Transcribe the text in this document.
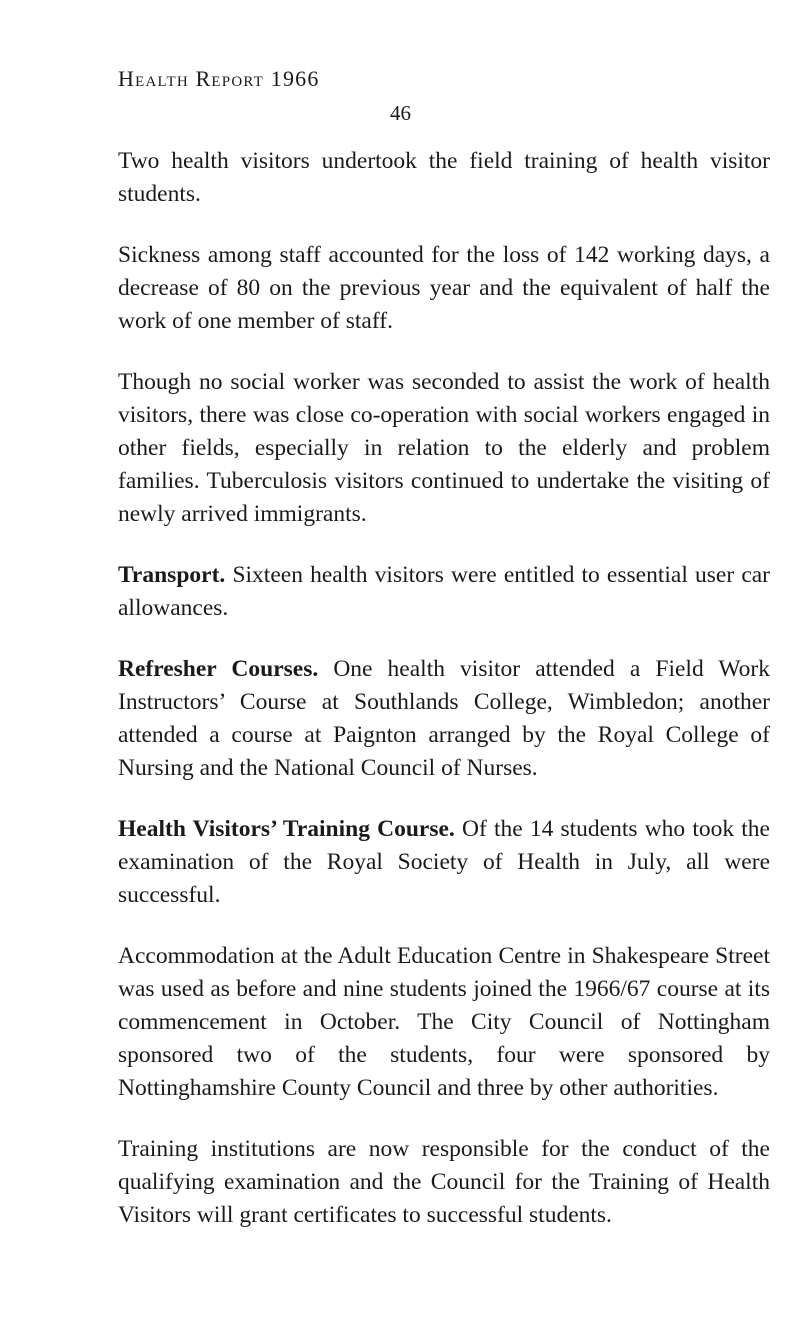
Health Report 1966
46

Two health visitors undertook the field training of health visitor students.

Sickness among staff accounted for the loss of 142 working days, a decrease of 80 on the previous year and the equivalent of half the work of one member of staff.

Though no social worker was seconded to assist the work of health visitors, there was close co-operation with social workers engaged in other fields, especially in relation to the elderly and problem families. Tuberculosis visitors continued to undertake the visiting of newly arrived immigrants.

Transport. Sixteen health visitors were entitled to essential user car allowances.

Refresher Courses. One health visitor attended a Field Work Instructors’ Course at Southlands College, Wimbledon; another attended a course at Paignton arranged by the Royal College of Nursing and the National Council of Nurses.

Health Visitors’ Training Course. Of the 14 students who took the examination of the Royal Society of Health in July, all were successful.

Accommodation at the Adult Education Centre in Shakespeare Street was used as before and nine students joined the 1966/67 course at its commencement in October. The City Council of Nottingham sponsored two of the students, four were sponsored by Nottinghamshire County Council and three by other authorities.

Training institutions are now responsible for the conduct of the qualifying examination and the Council for the Training of Health Visitors will grant certificates to successful students.
